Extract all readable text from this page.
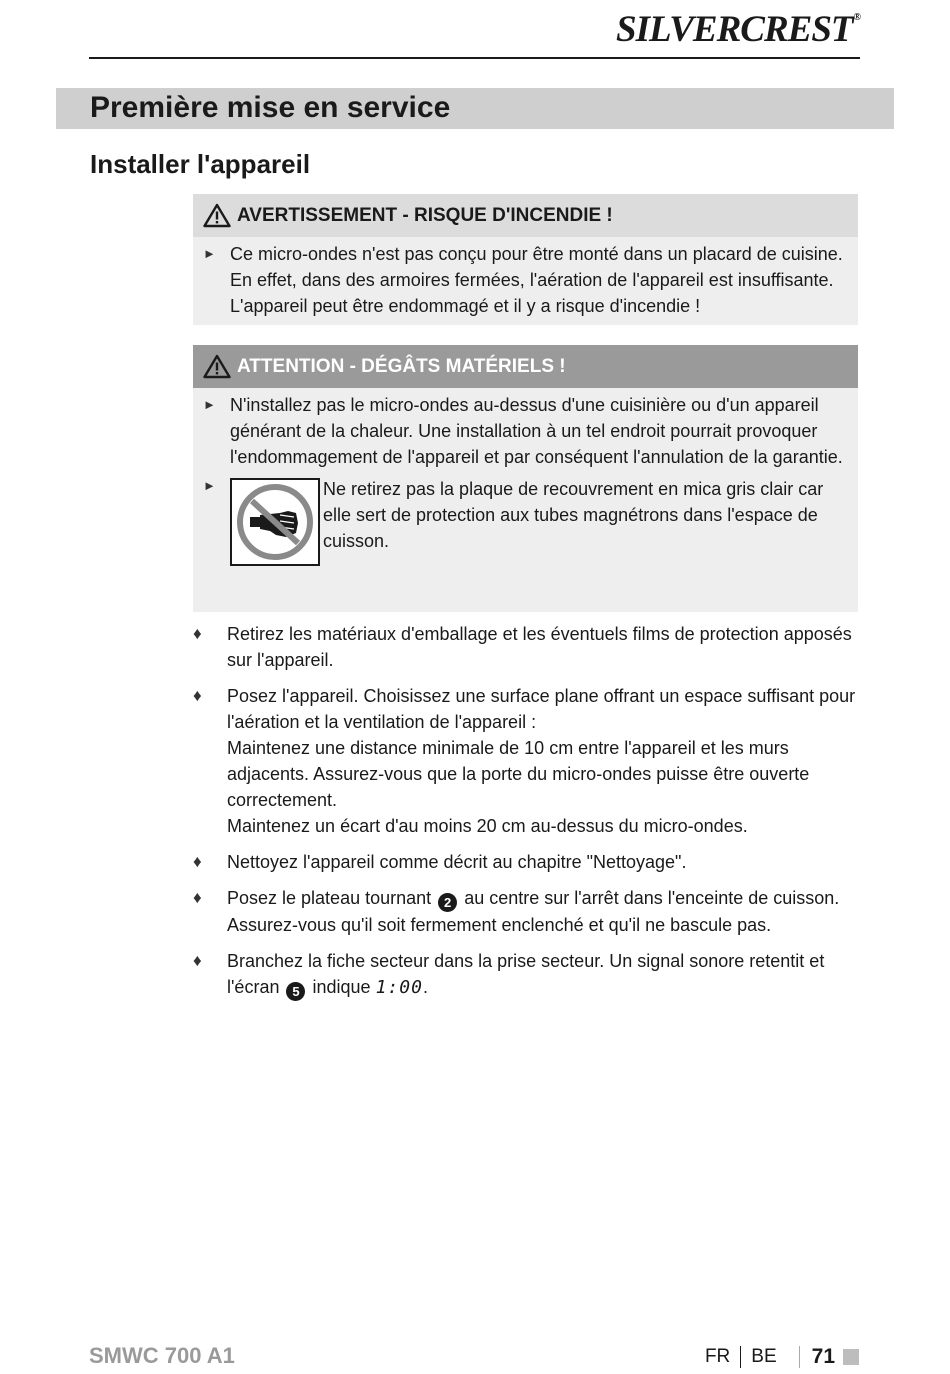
SILVERCREST®
Première mise en service
Installer l'appareil
AVERTISSEMENT - RISQUE D'INCENDIE !
► Ce micro-ondes n'est pas conçu pour être monté dans un placard de cuisine. En effet, dans des armoires fermées, l'aération de l'appareil est insuffisante. L'appareil peut être endommagé et il y a risque d'incendie !
ATTENTION - DÉGÂTS MATÉRIELS !
► N'installez pas le micro-ondes au-dessus d'une cuisinière ou d'un appareil générant de la chaleur. Une installation à un tel endroit pourrait provoquer l'endommagement de l'appareil et par conséquent l'annulation de la garantie.
►	Ne retirez pas la plaque de recouvrement en mica gris clair car elle sert de protection aux tubes magnétrons dans l'espace de cuisson.
♦ Retirez les matériaux d'emballage et les éventuels films de protection apposés sur l'appareil.

♦ Posez l'appareil. Choisissez une surface plane offrant un espace suffisant pour l'aération et la ventilation de l'appareil :

Maintenez une distance minimale de 10 cm entre l'appareil et les murs adjacents. Assurez-vous que la porte du micro-ondes puisse être ouverte correctement.

Maintenez un écart d'au moins 20 cm au-dessus du micro-ondes.

♦ Nettoyez l'appareil comme décrit au chapitre "Nettoyage".

♦ Posez le plateau tournant 2 au centre sur l'arrêt dans l'enceinte de cuisson. Assurez-vous qu'il soit fermement enclenché et qu'il ne bascule pas.

♦ Branchez la fiche secteur dans la prise secteur. Un signal sonore retentit et l'écran 5 indique 1:00.

SMWC 700 A1	FR BE 71
